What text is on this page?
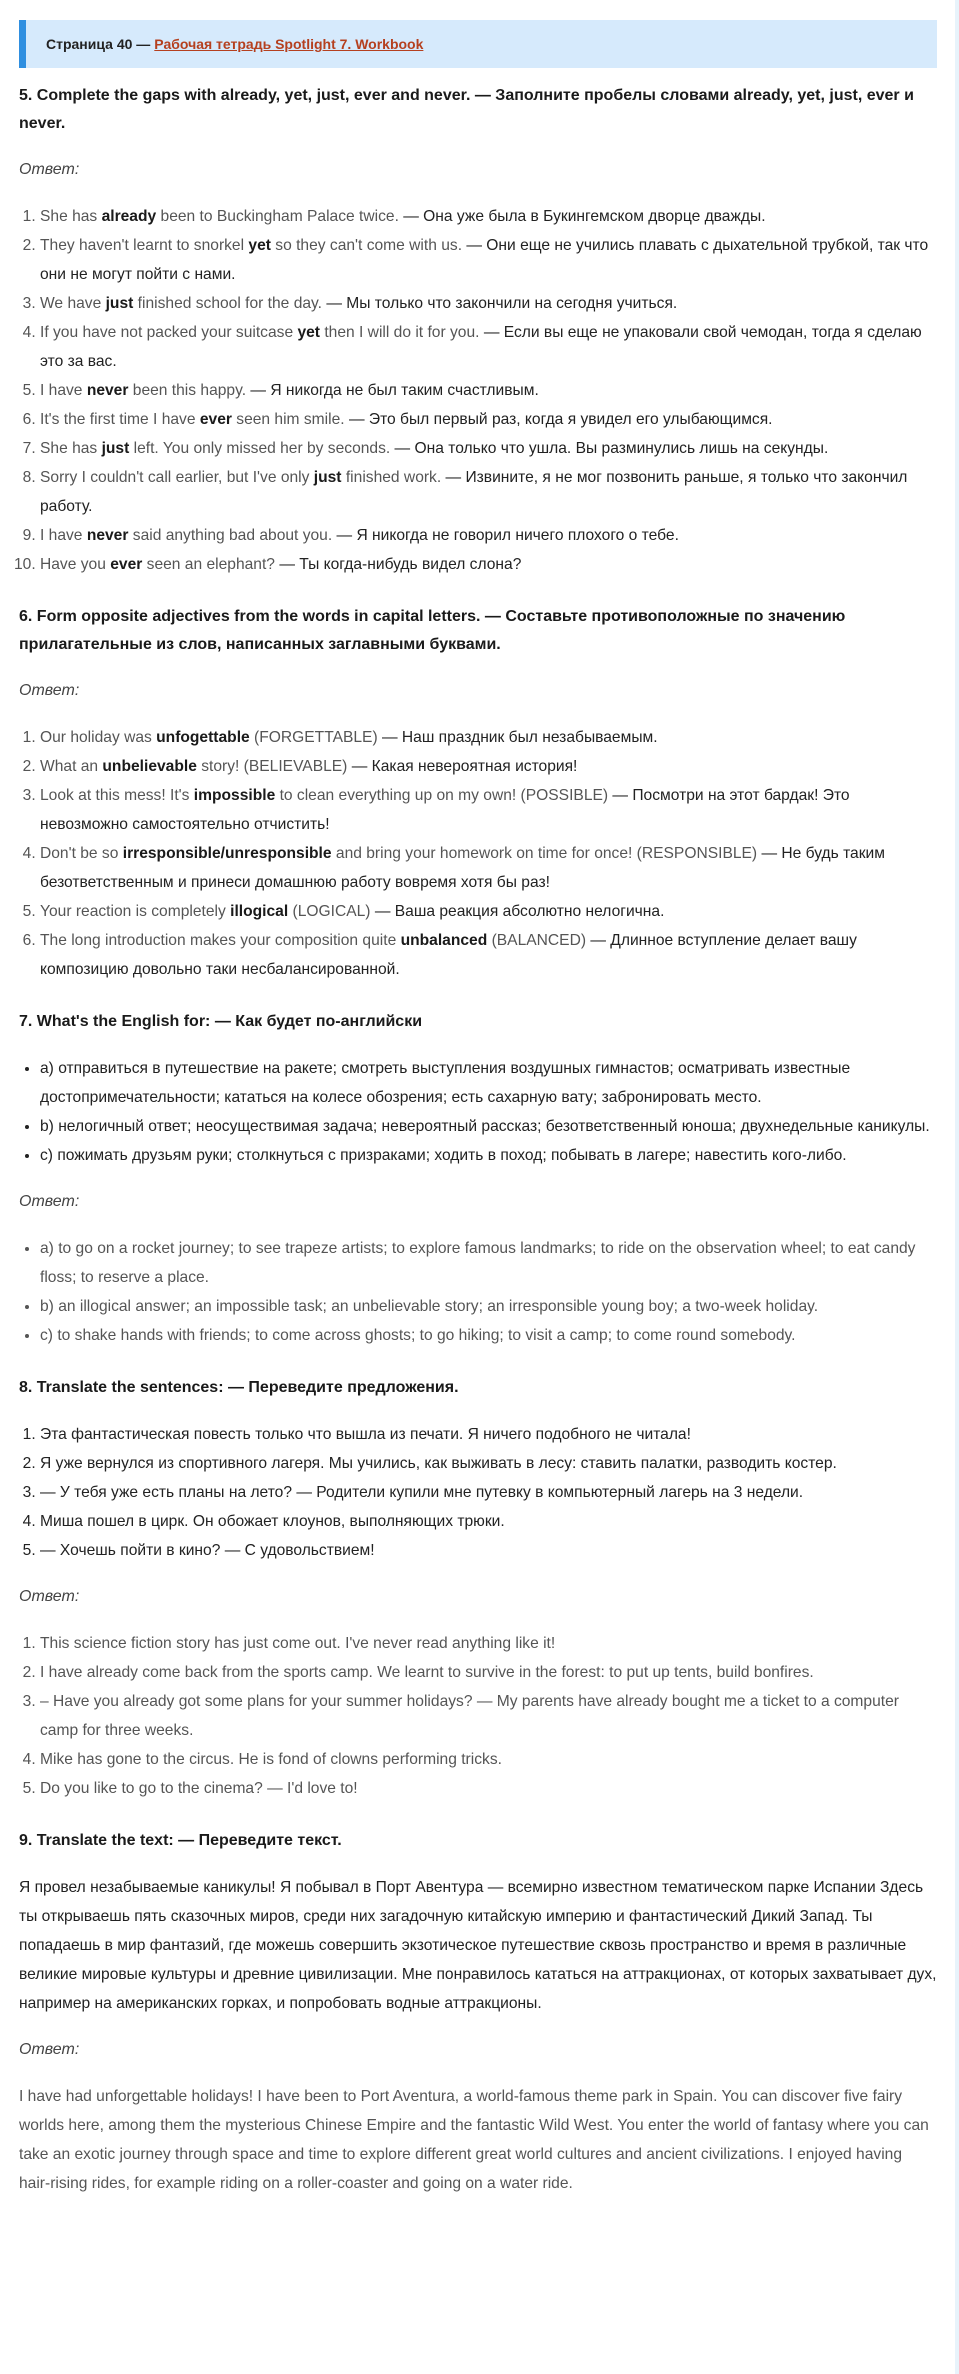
Страница 40 — Рабочая тетрадь Spotlight 7. Workbook
5. Complete the gaps with already, yet, just, ever and never. — Заполните пробелы словами already, yet, just, ever и never.
Ответ:
1. She has already been to Buckingham Palace twice. — Она уже была в Букингемском дворце дважды.
2. They haven't learnt to snorkel yet so they can't come with us. — Они еще не учились плавать с дыхательной трубкой, так что они не могут пойти с нами.
3. We have just finished school for the day. — Мы только что закончили на сегодня учиться.
4. If you have not packed your suitcase yet then I will do it for you. — Если вы еще не упаковали свой чемодан, тогда я сделаю это за вас.
5. I have never been this happy. — Я никогда не был таким счастливым.
6. It's the first time I have ever seen him smile. — Это был первый раз, когда я увидел его улыбающимся.
7. She has just left. You only missed her by seconds. — Она только что ушла. Вы разминулись лишь на секунды.
8. Sorry I couldn't call earlier, but I've only just finished work. — Извините, я не мог позвонить раньше, я только что закончил работу.
9. I have never said anything bad about you. — Я никогда не говорил ничего плохого о тебе.
10. Have you ever seen an elephant? — Ты когда-нибудь видел слона?
6. Form opposite adjectives from the words in capital letters. — Составьте противоположные по значению прилагательные из слов, написанных заглавными буквами.
Ответ:
1. Our holiday was unfogettable (FORGETTABLE) — Наш праздник был незабываемым.
2. What an unbelievable story! (BELIEVABLE) — Какая невероятная история!
3. Look at this mess! It's impossible to clean everything up on my own! (POSSIBLE) — Посмотри на этот бардак! Это невозможно самостоятельно отчистить!
4. Don't be so irresponsible/unresponsible and bring your homework on time for once! (RESPONSIBLE) — Не будь таким безответственным и принеси домашнюю работу вовремя хотя бы раз!
5. Your reaction is completely illogical (LOGICAL) — Ваша реакция абсолютно нелогична.
6. The long introduction makes your composition quite unbalanced (BALANCED) — Длинное вступление делает вашу композицию довольно таки несбалансированной.
7. What's the English for: — Как будет по-английски
• a) отправиться в путешествие на ракете; смотреть выступления воздушных гимнастов; осматривать известные достопримечательности; кататься на колесе обозрения; есть сахарную вату; забронировать место.
• b) нелогичный ответ; неосуществимая задача; невероятный рассказ; безответственный юноша; двухнедельные каникулы.
• c) пожимать друзьям руки; столкнуться с призраками; ходить в поход; побывать в лагере; навестить кого-либо.
Ответ:
• a) to go on a rocket journey; to see trapeze artists; to explore famous landmarks; to ride on the observation wheel; to eat candy floss; to reserve a place.
• b) an illogical answer; an impossible task; an unbelievable story; an irresponsible young boy; a two-week holiday.
• c) to shake hands with friends; to come across ghosts; to go hiking; to visit a camp; to come round somebody.
8. Translate the sentences: — Переведите предложения.
1. Эта фантастическая повесть только что вышла из печати. Я ничего подобного не читала!
2. Я уже вернулся из спортивного лагеря. Мы учились, как выживать в лесу: ставить палатки, разводить костер.
3. — У тебя уже есть планы на лето? — Родители купили мне путевку в компьютерный лагерь на 3 недели.
4. Миша пошел в цирк. Он обожает клоунов, выполняющих трюки.
5. — Хочешь пойти в кино? — С удовольствием!
Ответ:
1. This science fiction story has just come out. I've never read anything like it!
2. I have already come back from the sports camp. We learnt to survive in the forest: to put up tents, build bonfires.
3. – Have you already got some plans for your summer holidays? — My parents have already bought me a ticket to a computer camp for three weeks.
4. Mike has gone to the circus. He is fond of clowns performing tricks.
5. Do you like to go to the cinema? — I'd love to!
9. Translate the text: — Переведите текст.

Я провел незабываемые каникулы! Я побывал в Порт Авентура — всемирно известном тематическом парке Испании Здесь ты открываешь пять сказочных миров, среди них загадочную китайскую империю и фантастический Дикий Запад. Ты попадаешь в мир фантазий, где можешь совершить экзотическое путешествие сквозь пространство и время в различные великие мировые культуры и древние цивилизации. Мне понравилось кататься на аттракционах, от которых захватывает дух, например на американских горках, и попробовать водные аттракционы.

Ответ:

I have had unforgettable holidays! I have been to Port Aventura, a world-famous theme park in Spain. You can discover five fairy worlds here, among them the mysterious Chinese Empire and the fantastic Wild West. You enter the world of fantasy where you can take an exotic journey through space and time to explore different great world cultures and ancient civilizations. I enjoyed having hair-rising rides, for example riding on a roller-coaster and going on a water ride.
